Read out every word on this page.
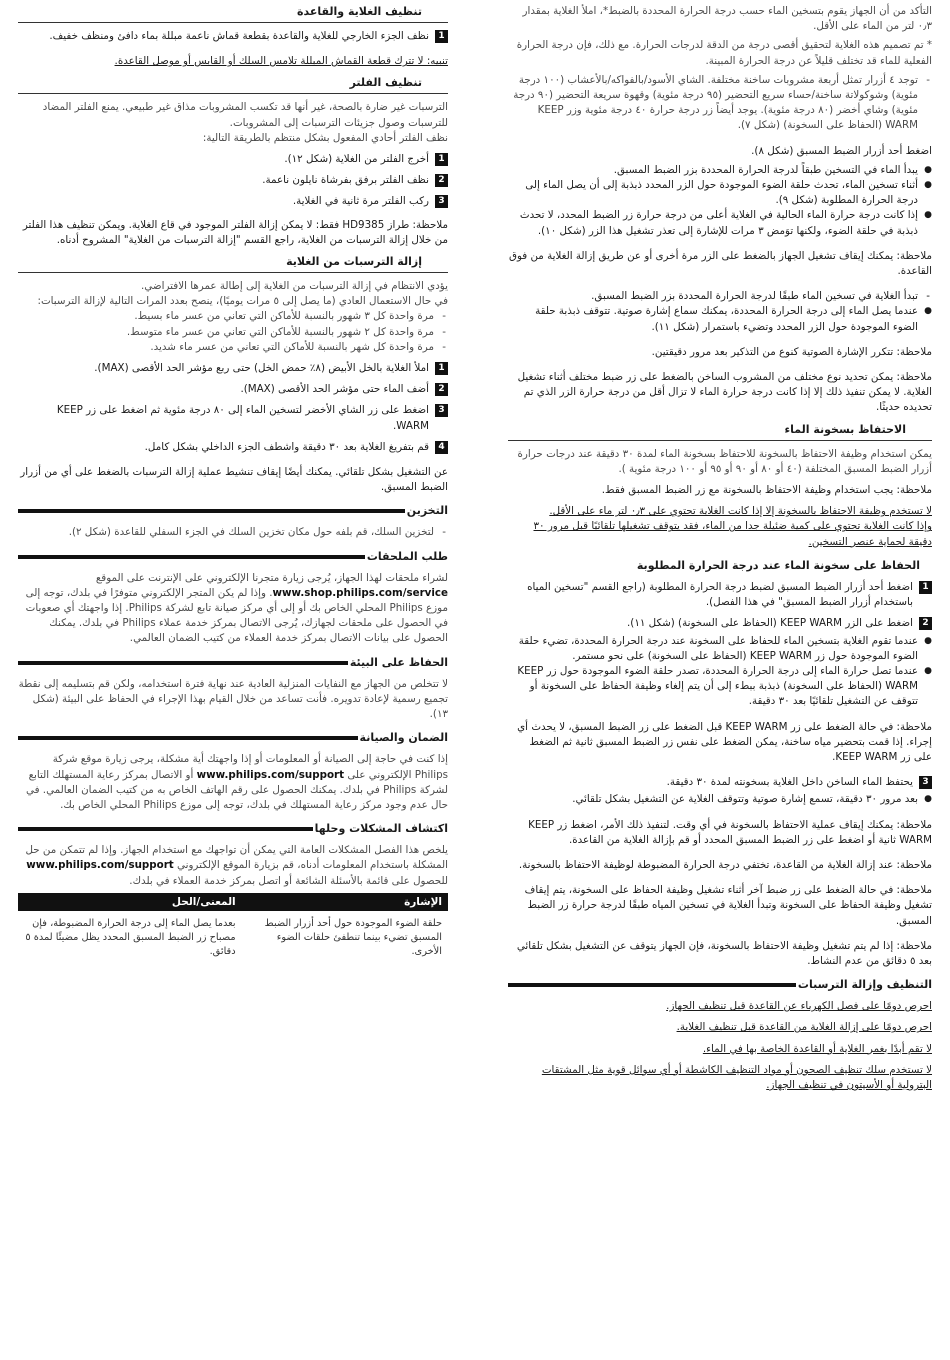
التأكد من أن الجهاز يقوم بتسخين الماء حسب درجة الحرارة المحددة بالضبط*، املأ الغلاية بمقدار ٠٫٣ لتر من الماء على الأقل.

* تم تصميم هذه الغلاية لتحقيق أقصى درجة من الدقة لدرجات الحرارة. مع ذلك، فإن درجة الحرارة الفعلية للماء قد تختلف قليلاً عن درجة الحرارة المبينة.

- توجد ٤ أزرار تمثل أربعة مشروبات ساخنة مختلفة. الشاي الأسود/بالفواكه/بالأعشاب (١٠٠ درجة مئوية) وشوكولاتة ساخنة/حساء سريع التحضير (٩٥ درجة مئوية) وقهوة سريعة التحضير (٩٠ درجة مئوية) وشاي أخضر (٨٠ درجة مئوية). يوجد أيضاً زر درجة حرارة ٤٠ درجة مئوية وزر KEEP WARM (الحفاظ على السخونة) (شكل ٧).

اضغط أحد أزرار الضبط المسبق (شكل ٨).

● يبدأ الماء في التسخين طبقاً لدرجة الحرارة المحددة بزر الضبط المسبق.

● أثناء تسخين الماء، تحدث حلقة الضوء الموجودة حول الزر المحدد ذبذبة إلى أن يصل الماء إلى درجة الحرارة المطلوبة (شكل ٩).

● إذا كانت درجة حرارة الماء الحالية في الغلاية أعلى من درجة حرارة زر الضبط المحدد، لا تحدث ذبذبة في حلقة الضوء، ولكنها توَمض ٣ مرات للإشارة إلى تعذر تشغيل هذا الزر (شكل ١٠).

ملاحظة: يمكنك إيقاف تشغيل الجهاز بالضغط على الزر مرة أخرى أو عن طريق إزالة الغلاية من فوق القاعدة.

- تبدأ الغلاية في تسخين الماء طبقًا لدرجة الحرارة المحددة بزر الضبط المسبق.

● عندما يصل الماء إلى درجة الحرارة المحددة، يمكنك سماع إشارة صوتية. تتوقف ذبذبة حلقة الضوء الموجودة حول الزر المحدد وتضيء باستمرار (شكل ١١).

ملاحظة: تتكرر الإشارة الصوتية كنوع من التذكير بعد مرور دقيقتين.

ملاحظة: يمكن تحديد نوع مختلف من المشروب الساخن بالضغط على زر ضبط مختلف أثناء تشغيل الغلاية. لا يمكن تنفيذ ذلك إلا إذا كانت درجة حرارة الماء لا تزال أقل من درجة حرارة الزر الذي تم تحديده حديثًا.

الاحتفاظ بسخونة الماء

يمكن استخدام وظيفة الاحتفاظ بالسخونة للاحتفاظ بسخونة الماء لمدة ٣٠ دقيقة عند درجات حرارة أزرار الضبط المسبق المختلفة (٤٠ أو ٨٠ أو ٩٠ أو ٩٥ أو ١٠٠ درجة مئوية ).

ملاحظة: يجب استخدام وظيفة الاحتفاظ بالسخونة مع زر الضبط المسبق فقط.

لا تستخدم وظيفة الاحتفاظ بالسخونة إلا إذا كانت الغلاية تحتوي على ٠٫٣ لتر ماء على الأقل.

وإذا كانت الغلاية تحتوي على كمية ضئيلة جدا من الماء، فقد يتوقف تشغيلها تلقائيًا قبل مرور ٣٠ دقيقة لحماية عنصر التسخين.

الحفاظ على سخونة الماء عند درجة الحرارة المطلوبة
1
اضغط أحد أزرار الضبط المسبق لضبط درجة الحرارة المطلوبة (راجع القسم "تسخين المياه باستخدام أزرار الضبط المسبق" في هذا الفصل).
2
اضغط على الزر KEEP WARM (الحفاظ على السخونة) (شكل ١١).

● عندما تقوم الغلاية بتسخين الماء للحفاظ على السخونة عند درجة الحرارة المحددة، تضيء حلقة الضوء الموجودة حول زر KEEP WARM (الحفاظ على السخونة) على نحو مستمر.

● عندما تصل حرارة الماء إلى درجة الحرارة المحددة، تصدر حلقة الضوء الموجودة حول زر KEEP WARM (الحفاظ على السخونة) ذبذبة ببطء إلى أن يتم إلغاء وظيفة الحفاظ على السخونة أو تتوقف عن التشغيل تلقائيًا بعد ٣٠ دقيقة.

ملاحظة: في حالة الضغط على زر KEEP WARM قبل الضغط على زر الضبط المسبق، لا يحدث أي إجراء. إذا قمت بتحضير مياه ساخنة، يمكن الضغط على نفس زر الضبط المسبق ثانية ثم الضغط على زر KEEP WARM.

3
يحتفظ الماء الساخن داخل الغلاية بسخونته لمدة ٣٠ دقيقة.

● بعد مرور ٣٠ دقيقة، تسمع إشارة صوتية وتتوقف الغلاية عن التشغيل بشكل تلقائي.

ملاحظة: يمكنك إيقاف عملية الاحتفاظ بالسخونة في أي وقت. لتنفيذ ذلك الأمر، اضغط زر KEEP WARM ثانية أو اضغط على زر الضبط المسبق المحدد أو قم بإزالة الغلاية من القاعدة.

ملاحظة: عند إزالة الغلاية من القاعدة، تختفي درجة الحرارة المضبوطة لوظيفة الاحتفاظ بالسخونة.

ملاحظة: في حالة الضغط على زر ضبط آخر أثناء تشغيل وظيفة الحفاظ على السخونة، يتم إيقاف تشغيل وظيفة الحفاظ على السخونة وتبدأ الغلاية في تسخين المياه طبقًا لدرجة حرارة زر الضبط المسبق.

ملاحظة: إذا لم يتم تشغيل وظيفة الاحتفاظ بالسخونة، فإن الجهاز يتوقف عن التشغيل بشكل تلقائي بعد ٥ دقائق من عدم النشاط.

التنظيف وإزالة الترسبات

احرص دومًا على فصل الكهرباء عن القاعدة قبل تنظيف الجهاز.

احرص دومًا على إزالة الغلاية من القاعدة قبل تنظيف الغلاية.

لا تقم أبدًا بغمر الغلاية أو القاعدة الخاصة بها في الماء.

لا تستخدم سلك تنظيف الصحون أو مواد التنظيف الكاشطة أو أي سوائل قوية مثل المشتقات البترولية أو الأسيتون في تنظيف الجهاز.

تنظيف الغلاية والقاعدة
1
نظف الجزء الخارجي للغلاية والقاعدة بقطعة قماش ناعمة مبللة بماء دافئ ومنظف خفيف.

تنبيه: لا تترك قطعة القماش المبللة تلامس السلك أو القابس أو موصل القاعدة.

تنظيف الفلتر

الترسبات غير ضارة بالصحة، غير أنها قد تكسب المشروبات مذاق غير طبيعي. يمنع الفلتر المضاد للترسبات وصول جزيئات الترسبات إلى المشروبات.
نظف الفلتر أحادي المفعول بشكل منتظم بالطريقة التالية:

1
أخرج الفلتر من الغلاية (شكل ١٢).
2
نظف الفلتر برفق بفرشاة نايلون ناعمة.
3
ركب الفلتر مرة ثانية في الغلاية.

ملاحظة: طراز HD9385 فقط: لا يمكن إزالة الفلتر الموجود في قاع الغلاية. ويمكن تنظيف هذا الفلتر من خلال إزالة الترسبات من الغلاية، راجع القسم "إزالة الترسبات من الغلاية" المشروح أدناه.

إزالة الترسبات من الغلاية

يؤدي الانتظام في إزالة الترسبات من الغلاية إلى إطالة عمرها الافتراضي.
في حال الاستعمال العادي (ما يصل إلى ٥ مرات يوميًا)، ينصح بعدد المرات التالية لإزالة الترسبات:

- مرة واحدة كل ٣ شهور بالنسبة للأماكن التي تعاني من عسر ماء بسيط.

- مرة واحدة كل ٢ شهور بالنسبة للأماكن التي تعاني من عسر ماء متوسط.

- مرة واحدة كل شهر بالنسبة للأماكن التي تعاني من عسر ماء شديد.

1
املأ الغلاية بالخل الأبيض (٨٪ حمض الخل) حتى ربع مؤشر الحد الأقصى (MAX).
2
أضف الماء حتى مؤشر الحد الأقصى (MAX).
3
اضغط على زر الشاي الأخضر لتسخين الماء إلى ٨٠ درجة مئوية ثم اضغط على زر KEEP WARM.
4
قم بتفريغ الغلاية بعد ٣٠ دقيقة واشطف الجزء الداخلي بشكل كامل.

عن التشغيل بشكل تلقائي. يمكنك أيضًا إيقاف تنشيط عملية إزالة الترسبات بالضغط على أي من أزرار الضبط المسبق.

التخزين

- لتخزين السلك، قم بلفه حول مكان تخزين السلك في الجزء السفلي للقاعدة (شكل ٢).

طلب الملحقات

لشراء ملحقات لهذا الجهاز، يُرجى زيارة متجرنا الإلكتروني على الإنترنت على الموقع www.shop.philips.com/service. وإذا لم يكن المتجر الإلكتروني متوفرًا في بلدك، توجه إلى موزع Philips المحلي الخاص بك أو إلى أي مركز صيانة تابع لشركة Philips. إذا واجهتك أي صعوبات في الحصول على ملحقات لجهازك، يُرجى الاتصال بمركز خدمة عملاء Philips في بلدك. يمكنك الحصول على بيانات الاتصال بمركز خدمة العملاء من كتيب الضمان العالمي.

الحفاظ على البيئة

لا تتخلص من الجهاز مع النفايات المنزلية العادية عند نهاية فترة استخدامه، ولكن قم بتسليمه إلى نقطة تجميع رسمية لإعادة تدويره. فأنت تساعد من خلال القيام بهذا الإجراء في الحفاظ على البيئة (شكل ١٣).

الضمان والصيانة

إذا كنت في حاجة إلى الصيانة أو المعلومات أو إذا واجهتك أية مشكلة، يرجى زيارة موقع شركة Philips الإلكتروني على www.philips.com/support أو الاتصال بمركز رعاية المستهلك التابع لشركة Philips في بلدك. يمكنك الحصول على رقم الهاتف الخاص به من كتيب الضمان العالمي. في حال عدم وجود مركز رعاية المستهلك في بلدك، توجه إلى موزع Philips المحلي الخاص بك.

اكتشاف المشكلات وحلها

يلخص هذا الفصل المشكلات العامة التي يمكن أن تواجهك مع استخدام الجهاز. وإذا لم تتمكن من حل المشكلة باستخدام المعلومات أدناه، قم بزيارة الموقع الإلكتروني www.philips.com/support للحصول على قائمة بالأسئلة الشائعة أو اتصل بمركز خدمة العملاء في بلدك.

الإشارة	المعنى/الحل
حلقة الضوء الموجودة حول أحد أزرار الضبط المسبق تضيء بينما تنطفئ حلقات الضوء الأخرى.	بعدما يصل الماء إلى درجة الحرارة المضبوطة، فإن مصباح زر الضبط المسبق المحدد يظل مضيئًا لمدة ٥ دقائق.
